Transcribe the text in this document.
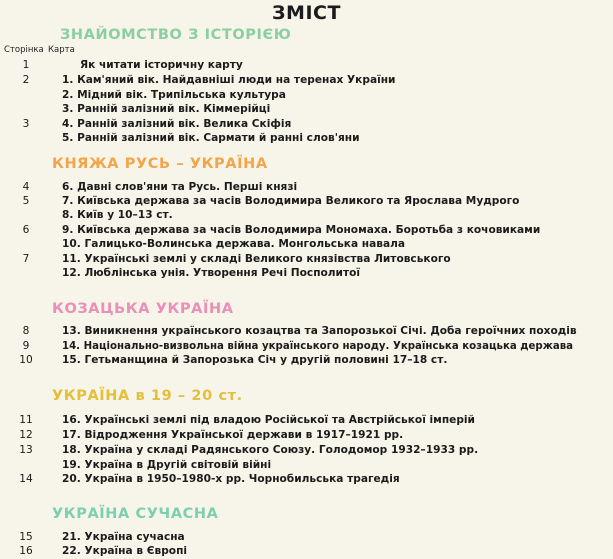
ЗМІСТ
Сторінка Карта
ЗНАЙОМСТВО З ІСТОРІЄЮ
1	Як читати історичну карту
2	1. Кам'яний вік. Найдавніші люди на теренах України
2. Мідний вік. Трипільська культура
3. Ранній залізний вік. Кіммерійці
3	4. Ранній залізний вік. Велика Скіфія
5. Ранній залізний вік. Сармати й ранні слов'яни
КНЯЖА РУСЬ – УКРАЇНА
4	6. Давні слов'яни та Русь. Перші князі
5	7. Київська держава за часів Володимира Великого та Ярослава Мудрого
8. Київ у 10–13 ст.
6	9. Київська держава за часів Володимира Мономаха. Боротьба з кочовиками
10. Галицько-Волинська держава. Монгольська навала
7	11. Українські землі у складі Великого князівства Литовського
12. Люблінська унія. Утворення Речі Посполитої
КОЗАЦЬКА УКРАЇНА
8	13. Виникнення українського козацтва та Запорозької Січі. Доба героїчних походів
9	14. Національно-визвольна війна українського народу. Українська козацька держава
10	15. Гетьманщина й Запорозька Січ у другій половині 17–18 ст.
УКРАЇНА в 19 – 20 ст.
11	16. Українські землі під владою Російської та Австрійської імперій
12	17. Відродження Української держави в 1917–1921 рр.
13	18. Україна у складі Радянського Союзу. Голодомор 1932–1933 рр.
19. Україна в Другій світовій війні
14	20. Україна в 1950–1980-х рр. Чорнобильська трагедія
УКРАЇНА СУЧАСНА
15	21. Україна сучасна
16	22. Україна в Європі
